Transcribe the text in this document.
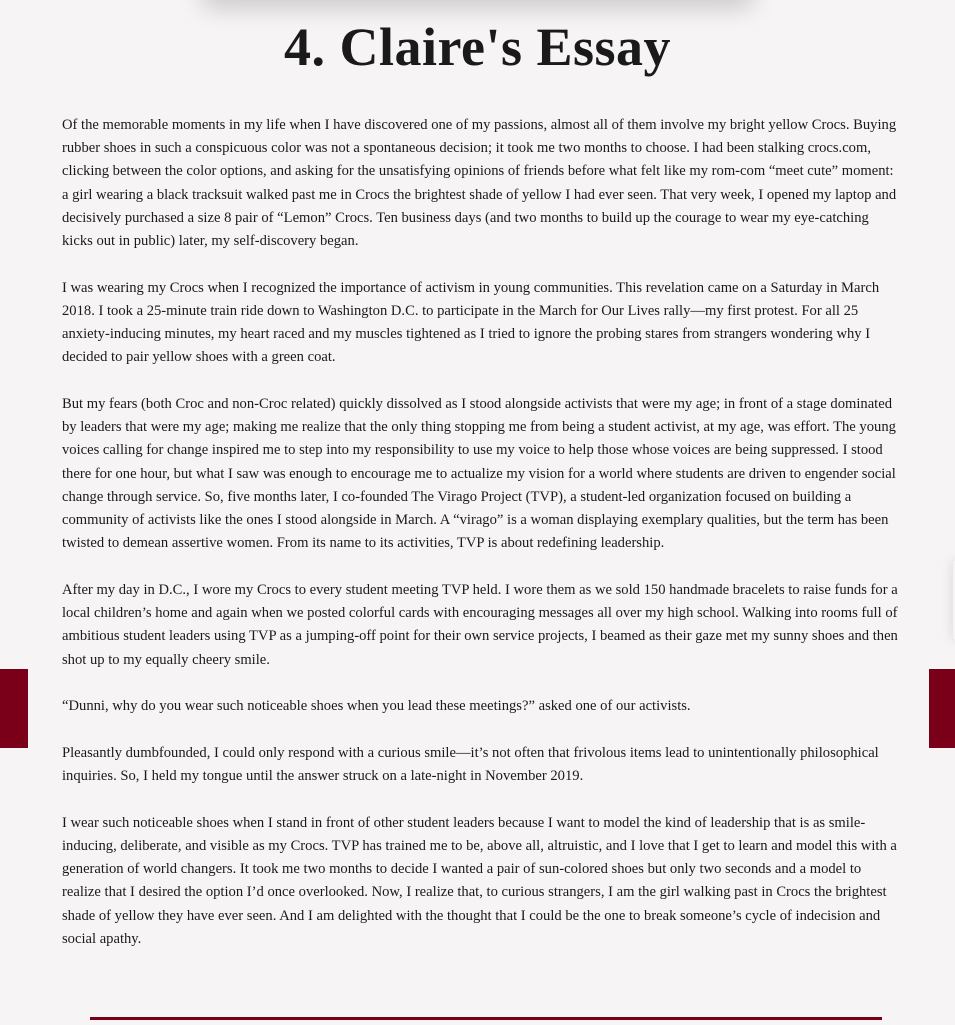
4. Claire's Essay

Of the memorable moments in my life when I have discovered one of my passions, almost all of them involve my bright yellow Crocs. Buying rubber shoes in such a conspicuous color was not a spontaneous decision; it took me two months to choose. I had been stalking crocs.com, clicking between the color options, and asking for the unsatisfying opinions of friends before what felt like my rom-com “meet cute” moment: a girl wearing a black tracksuit walked past me in Crocs the brightest shade of yellow I had ever seen. That very week, I opened my laptop and decisively purchased a size 8 pair of “Lemon” Crocs. Ten business days (and two months to build up the courage to wear my eye-catching kicks out in public) later, my self-discovery began.

I was wearing my Crocs when I recognized the importance of activism in young communities. This revelation came on a Saturday in March 2018. I took a 25-minute train ride down to Washington D.C. to participate in the March for Our Lives rally—my first protest. For all 25 anxiety-inducing minutes, my heart raced and my muscles tightened as I tried to ignore the probing stares from strangers wondering why I decided to pair yellow shoes with a green coat.

But my fears (both Croc and non-Croc related) quickly dissolved as I stood alongside activists that were my age; in front of a stage dominated by leaders that were my age; making me realize that the only thing stopping me from being a student activist, at my age, was effort. The young voices calling for change inspired me to step into my responsibility to use my voice to help those whose voices are being suppressed. I stood there for one hour, but what I saw was enough to encourage me to actualize my vision for a world where students are driven to engender social change through service. So, five months later, I co-founded The Virago Project (TVP), a student-led organization focused on building a community of activists like the ones I stood alongside in March. A “virago” is a woman displaying exemplary qualities, but the term has been twisted to demean assertive women. From its name to its activities, TVP is about redefining leadership.

After my day in D.C., I wore my Crocs to every student meeting TVP held. I wore them as we sold 150 handmade bracelets to raise funds for a local children’s home and again when we posted colorful cards with encouraging messages all over my high school. Walking into rooms full of ambitious student leaders using TVP as a jumping-off point for their own service projects, I beamed as their gaze met my sunny shoes and then shot up to my equally cheery smile.

“Dunni, why do you wear such noticeable shoes when you lead these meetings?” asked one of our activists.

Pleasantly dumbfounded, I could only respond with a curious smile—it’s not often that frivolous items lead to unintentionally philosophical inquiries. So, I held my tongue until the answer struck on a late-night in November 2019.

I wear such noticeable shoes when I stand in front of other student leaders because I want to model the kind of leadership that is as smile-inducing, deliberate, and visible as my Crocs. TVP has trained me to be, above all, altruistic, and I love that I get to learn and model this with a generation of world changers. It took me two months to decide I wanted a pair of sun-colored shoes but only two seconds and a model to realize that I desired the option I’d once overlooked. Now, I realize that, to curious strangers, I am the girl walking past in Crocs the brightest shade of yellow they have ever seen. And I am delighted with the thought that I could be the one to break someone’s cycle of indecision and social apathy.
